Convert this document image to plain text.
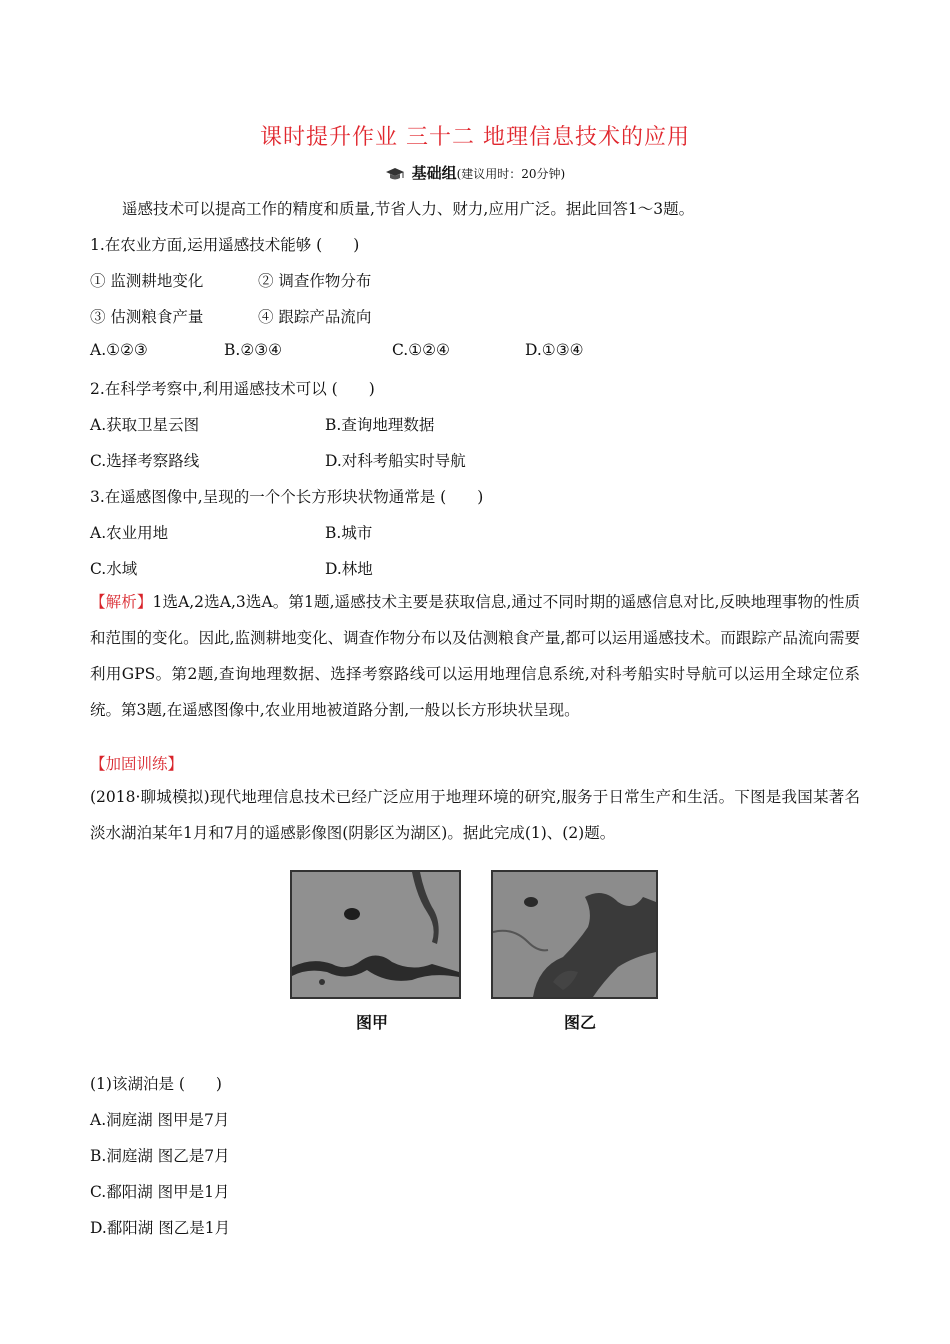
课时提升作业 三十二 地理信息技术的应用
基础组(建议用时：20分钟)
遥感技术可以提高工作的精度和质量,节省人力、财力,应用广泛。据此回答1～3题。
1.在农业方面,运用遥感技术能够 (　　)
① 监测耕地变化	② 调查作物分布
③ 估测粮食产量	④ 跟踪产品流向
A.①②③	B.②③④	C.①②④	D.①③④
2.在科学考察中,利用遥感技术可以 (　　)
A.获取卫星云图	B.查询地理数据
C.选择考察路线	D.对科考船实时导航
3.在遥感图像中,呈现的一个个长方形块状物通常是 (　　)
A.农业用地	B.城市
C.水域	D.林地
【解析】1选A,2选A,3选A。第1题,遥感技术主要是获取信息,通过不同时期的遥感信息对比,反映地理事物的性质和范围的变化。因此,监测耕地变化、调查作物分布以及估测粮食产量,都可以运用遥感技术。而跟踪产品流向需要利用GPS。第2题,查询地理数据、选择考察路线可以运用地理信息系统,对科考船实时导航可以运用全球定位系统。第3题,在遥感图像中,农业用地被道路分割,一般以长方形块状呈现。
【加固训练】
(2018·聊城模拟)现代地理信息技术已经广泛应用于地理环境的研究,服务于日常生产和生活。下图是我国某著名淡水湖泊某年1月和7月的遥感影像图(阴影区为湖区)。据此完成(1)、(2)题。
图甲	图乙
(1)该湖泊是 (　　)
A.洞庭湖 图甲是7月
B.洞庭湖 图乙是7月
C.鄱阳湖 图甲是1月
D.鄱阳湖 图乙是1月
